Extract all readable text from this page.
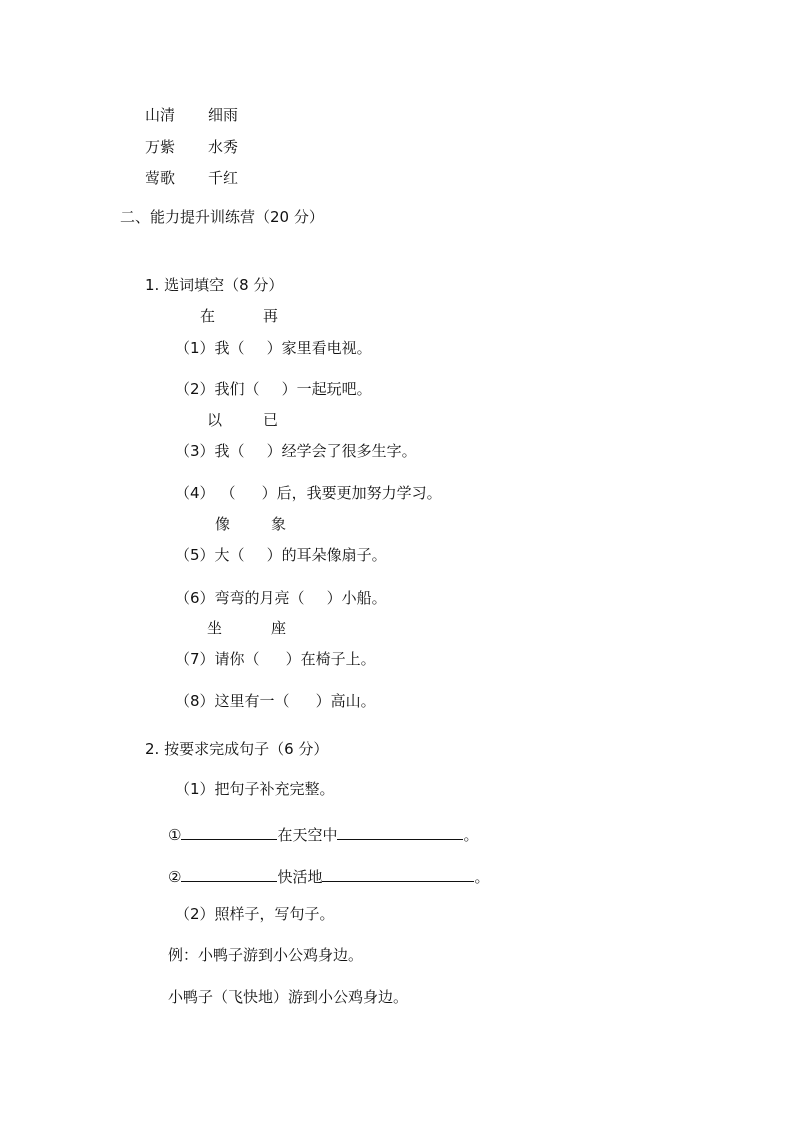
山清 细雨
万紫 水秀
莺歌 千红
二、能力提升训练营（20 分）
1. 选词填空（8 分）
在	再
（1）我（ ）家里看电视。
（2）我们（ ）一起玩吧。
以	已
（3）我（ ）经学会了很多生字。
（4） （ ）后，我要更加努力学习。
像	象
（5）大（ ）的耳朵像扇子。
（6）弯弯的月亮（ ）小船。
坐	座
（7）请你（ ）在椅子上。
（8）这里有一（ ）高山。
2. 按要求完成句子（6 分）
（1）把句子补充完整。
①	在天空中	。
②	快活地	。
（2）照样子，写句子。
例：小鸭子游到小公鸡身边。
小鸭子（飞快地）游到小公鸡身边。
